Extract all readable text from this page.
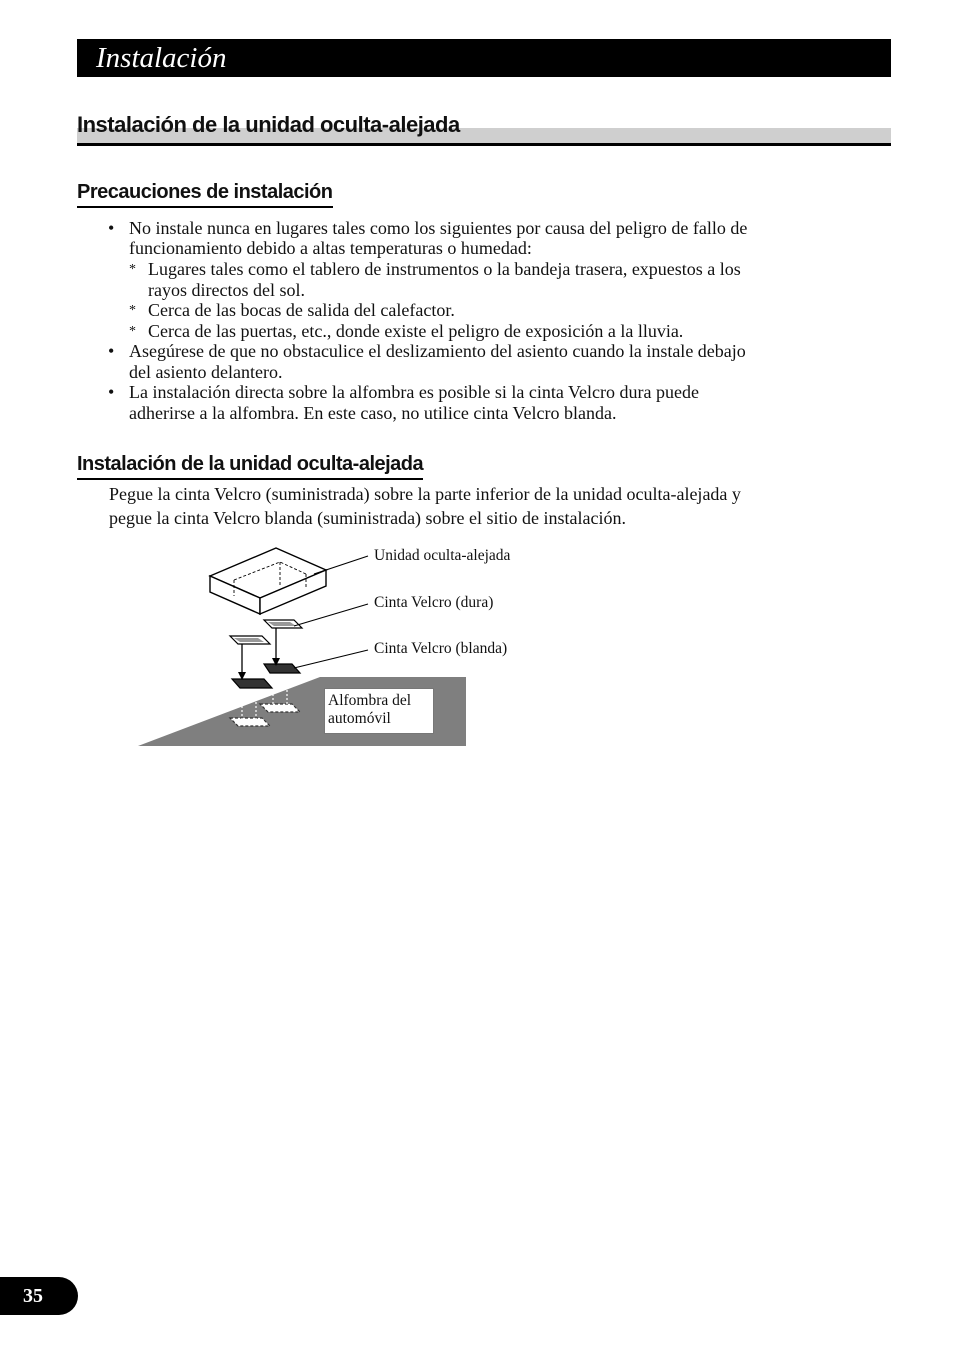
Instalación
Instalación de la unidad oculta-alejada
Precauciones de instalación
• No instale nunca en lugares tales como los siguientes por causa del peligro de fallo de
funcionamiento debido a altas temperaturas o humedad:
* Lugares tales como el tablero de instrumentos o la bandeja trasera, expuestos a los
rayos directos del sol.
* Cerca de las bocas de salida del calefactor.
* Cerca de las puertas, etc., donde existe el peligro de exposición a la lluvia.
• Asegúrese de que no obstaculice el deslizamiento del asiento cuando la instale debajo
del asiento delantero.
• La instalación directa sobre la alfombra es posible si la cinta Velcro dura puede
adherirse a la alfombra. En este caso, no utilice cinta Velcro blanda.
Instalación de la unidad oculta-alejada
Pegue la cinta Velcro (suministrada) sobre la parte inferior de la unidad oculta-alejada y
pegue la cinta Velcro blanda (suministrada) sobre el sitio de instalación.
Unidad oculta-alejada
Cinta Velcro (dura)
Cinta Velcro (blanda)
Alfombra del
automóvil
35
